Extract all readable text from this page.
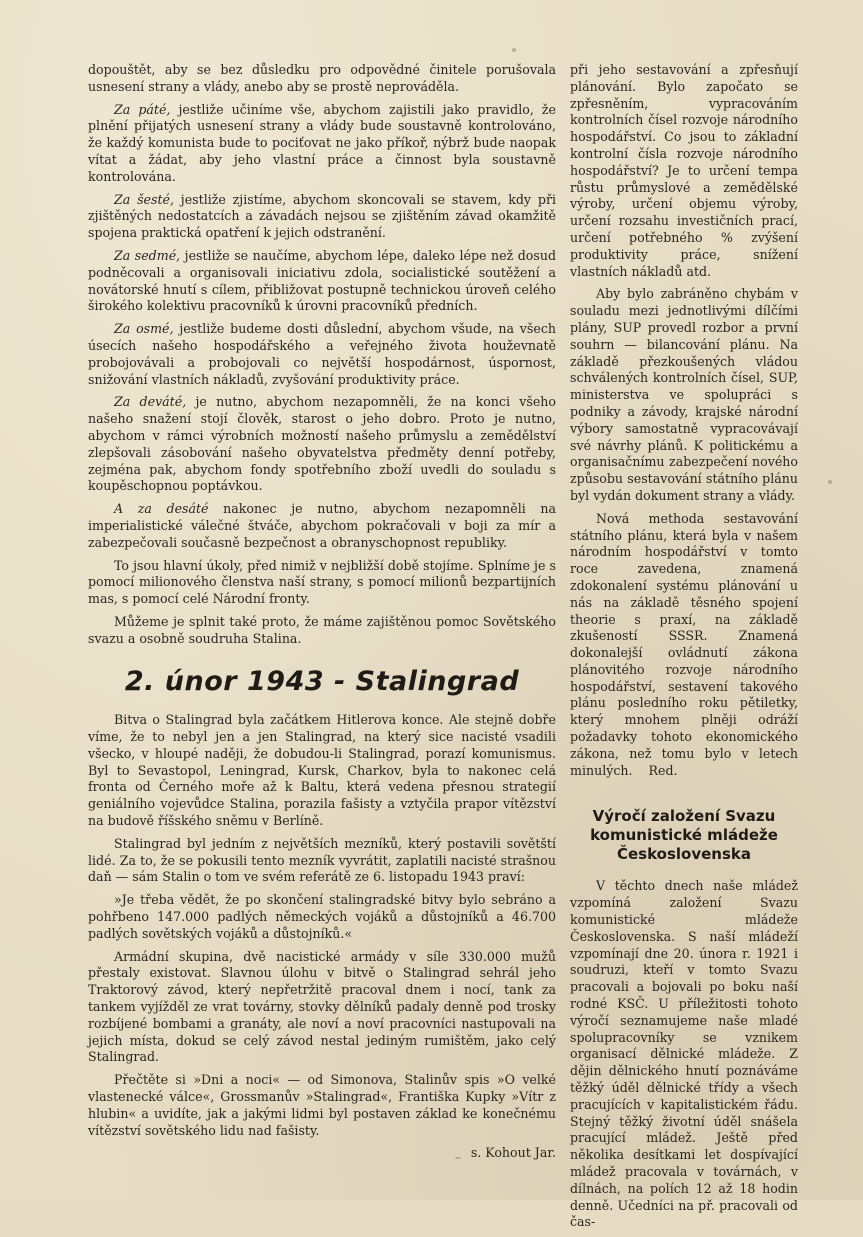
dopouštět, aby se bez důsledku pro odpovědné činitele porušovala usnesení strany a vlády, anebo aby se prostě neprováděla.

Za páté, jestliže učiníme vše, abychom zajistili jako pravidlo, že plnění přijatých usnesení strany a vlády bude soustavně kontrolováno, že každý komunista bude to pociťovat ne jako příkoř, nýbrž bude naopak vítat a žádat, aby jeho vlastní práce a činnost byla soustavně kontrolována.

Za šesté, jestliže zjistíme, abychom skoncovali se stavem, kdy při zjištěných nedostatcích a závadách nejsou se zjištěním závad okamžitě spojena praktická opatření k jejich odstranění.

Za sedmé, jestliže se naučíme, abychom lépe, daleko lépe než dosud podněcovali a organisovali iniciativu zdola, socialistické soutěžení a novátorské hnutí s cílem, přibližovat postupně technickou úroveň celého širokého kolektivu pracovníků k úrovni pracovníků předních.

Za osmé, jestliže budeme dosti důslední, abychom všude, na všech úsecích našeho hospodářského a veřejného života houževnatě probojovávali a probojovali co největší hospodárnost, úspornost, snižování vlastních nákladů, zvyšování produktivity práce.

Za deváté, je nutno, abychom nezapomněli, že na konci všeho našeho snažení stojí člověk, starost o jeho dobro. Proto je nutno, abychom v rámci výrobních možností našeho průmyslu a zemědělství zlepšovali zásobování našeho obyvatelstva předměty denní potřeby, zejména pak, abychom fondy spotřebního zboží uvedli do souladu s koupěschopnou poptávkou.

A za desáté nakonec je nutno, abychom nezapomněli na imperialistické válečné štváče, abychom pokračovali v boji za mír a zabezpečovali současně bezpečnost a obranyschopnost republiky.

To jsou hlavní úkoly, před nimiž v nejbližší době stojíme. Splníme je s pomocí milionového členstva naší strany, s pomocí milionů bezpartijních mas, s pomocí celé Národní fronty.

Můžeme je splnit také proto, že máme zajištěnou pomoc Sovětského svazu a osobně soudruha Stalina.

2. únor 1943 - Stalingrad

Bitva o Stalingrad byla začátkem Hitlerova konce. Ale stejně dobře víme, že to nebyl jen a jen Stalingrad, na který sice nacisté vsadili všecko, v hloupé naději, že dobudou-li Stalingrad, porazí komunismus. Byl to Sevastopol, Leningrad, Kursk, Charkov, byla to nakonec celá fronta od Černého moře až k Baltu, která vedena přesnou strategií geniálního vojevůdce Stalina, porazila fašisty a vztyčila prapor vítězství na budově říšského sněmu v Berlíně.

Stalingrad byl jedním z největších mezníků, který postavili sovětští lidé. Za to, že se pokusili tento mezník vyvrátit, zaplatili nacisté strašnou daň — sám Stalin o tom ve svém referátě ze 6. listopadu 1943 praví:

»Je třeba vědět, že po skončení stalingradské bitvy bylo sebráno a pohřbeno 147.000 padlých německých vojáků a důstojníků a 46.700 padlých sovětských vojáků a důstojníků.«

Armádní skupina, dvě nacistické armády v síle 330.000 mužů přestaly existovat. Slavnou úlohu v bitvě o Stalingrad sehrál jeho Traktorový závod, který nepřetržitě pracoval dnem i nocí, tank za tankem vyjížděl ze vrat továrny, stovky dělníků padaly denně pod trosky rozbíjené bombami a granáty, ale noví a noví pracovníci nastupovali na jejich místa, dokud se celý závod nestal jediným rumištěm, jako celý Stalingrad.

Přečtěte si »Dni a noci« — od Simonova, Stalinův spis »O velké vlastenecké válce«, Grossmanův »Stalingrad«, Františka Kupky »Vítr z hlubin« a uvidíte, jak a jakými lidmi byl postaven základ ke konečnému vítězství sovětského lidu nad fašisty.

s. Kohout Jar.

při jeho sestavování a zpřesňují plánování. Bylo započato se zpřesněním, vypracováním kontrolních čísel rozvoje národního hospodářství. Co jsou to základní kontrolní čísla rozvoje národního hospodářství? Je to určení tempa růstu průmyslové a zemědělské výroby, určení objemu výroby, určení rozsahu investičních prací, určení potřebného % zvýšení produktivity práce, snížení vlastních nákladů atd.

Aby bylo zabráněno chybám v souladu mezi jednotlivými dílčími plány, SUP provedl rozbor a první souhrn — bilancování plánu. Na základě přezkoušených vládou schválených kontrolních čísel, SUP, ministerstva ve spolupráci s podniky a závody, krajské národní výbory samostatně vypracovávají své návrhy plánů. K politickému a organisačnímu zabezpečení nového způsobu sestavování státního plánu byl vydán dokument strany a vlády.

Nová methoda sestavování státního plánu, která byla v našem národním hospodářství v tomto roce zavedena, znamená zdokonalení systému plánování u nás na základě těsného spojení theorie s praxí, na základě zkušeností SSSR. Znamená dokonalejší ovládnutí zákona plánovitého rozvoje národního hospodářství, sestavení takového plánu posledního roku pětiletky, který mnohem plněji odráží požadavky tohoto ekonomického zákona, než tomu bylo v letech minulých. Red.

Výročí založení Svazu
komunistické mládeže
Československa

V těchto dnech naše mládež vzpomíná založení Svazu komunistické mládeže Československa. S naší mládeží vzpomínají dne 20. února r. 1921 i soudruzi, kteří v tomto Svazu pracovali a bojovali po boku naší rodné KSČ. U příležitosti tohoto výročí seznamujeme naše mladé spolupracovníky se vznikem organisací dělnické mládeže. Z dějin dělnického hnutí poznáváme těžký úděl dělnické třídy a všech pracujících v kapitalistickém řádu. Stejný těžký životní úděl snášela pracující mládež. Ještě před několika desítkami let dospívající mládež pracovala v továrnách, v dílnách, na polích 12 až 18 hodin denně. Učedníci na př. pracovali od čas-
